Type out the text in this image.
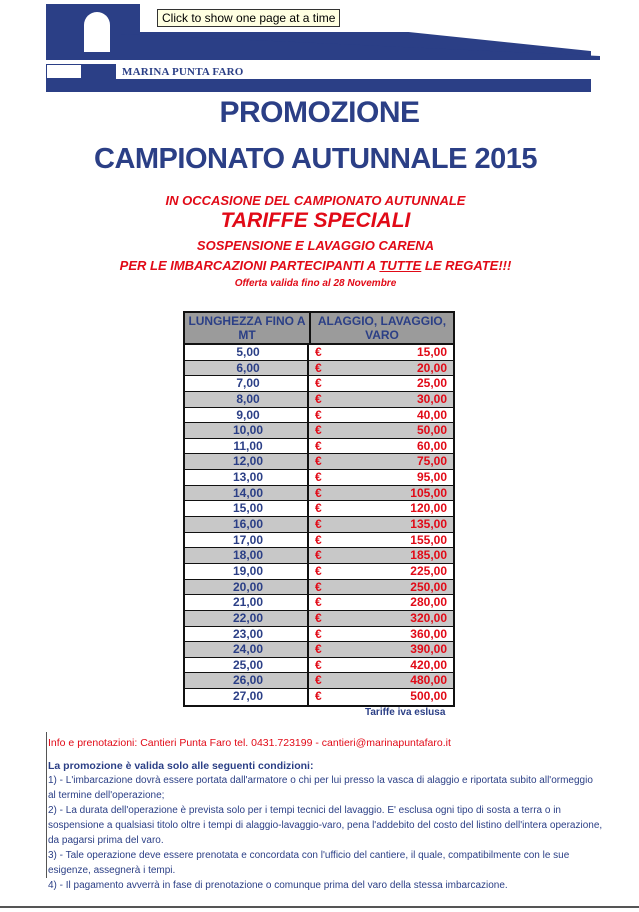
MARINA PUNTA FARO
Click to show one page at a time
PROMOZIONE
CAMPIONATO AUTUNNALE 2015
IN OCCASIONE DEL CAMPIONATO AUTUNNALE
TARIFFE SPECIALI
SOSPENSIONE E LAVAGGIO CARENA
PER LE IMBARCAZIONI PARTECIPANTI A TUTTE LE REGATE!!!
Offerta valida fino al 28 Novembre
LUNGHEZZA FINO A MT
ALAGGIO, LAVAGGIO, VARO
5,00	€	15,00
6,00	€	20,00
7,00	€	25,00
8,00	€	30,00
9,00	€	40,00
10,00	€	50,00
11,00	€	60,00
12,00	€	75,00
13,00	€	95,00
14,00	€	105,00
15,00	€	120,00
16,00	€	135,00
17,00	€	155,00
18,00	€	185,00
19,00	€	225,00
20,00	€	250,00
21,00	€	280,00
22,00	€	320,00
23,00	€	360,00
24,00	€	390,00
25,00	€	420,00
26,00	€	480,00
27,00	€	500,00
Tariffe iva eslusa
Info e prenotazioni: Cantieri Punta Faro tel. 0431.723199 - cantieri@marinapuntafaro.it
La promozione è valida solo alle seguenti condizioni:

1) - L'imbarcazione dovrà essere portata dall'armatore o chi per lui presso la vasca di alaggio e riportata subito all'ormeggio al termine dell'operazione;

2) - La durata dell'operazione è prevista solo per i tempi tecnici del lavaggio. E' esclusa ogni tipo di sosta a terra o in sospensione a qualsiasi titolo oltre i tempi di alaggio-lavaggio-varo, pena l'addebito del costo del listino dell'intera operazione, da pagarsi prima del varo.

3) - Tale operazione deve essere prenotata e concordata con l'ufficio del cantiere, il quale, compatibilmente con le sue esigenze, assegnerà i tempi.

4) - Il pagamento avverrà in fase di prenotazione o comunque prima del varo della stessa imbarcazione.
